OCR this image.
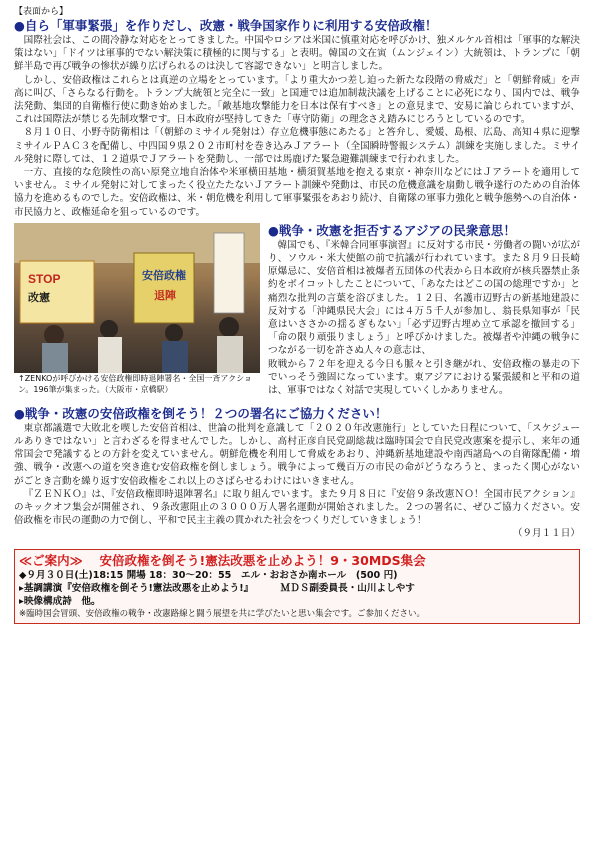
【表面から】
●自ら「軍事緊張」を作りだし、改憲・戦争国家作りに利用する安倍政権！

国際社会は、この間冷静な対応をとってきました。中国やロシアは米国に慎重対応を呼びかけ、独メルケル首相は「軍事的な解決策はない」「ドイツは軍事的でない解決策に積極的に関与する」と表明。韓国の文在寅（ムンジェイン）大統領は、トランプに「朝鮮半島で再び戦争の惨状が繰り広げられるのは決して容認できない」と明言しました。

しかし、安倍政権はこれらとは真逆の立場をとっています。「より重大かつ差し迫った新たな段階の脅威だ」と「朝鮮脅威」を声高に叫び、「さらなる行動を。トランプ大統領と完全に一致」と国連では追加制裁決議を上げることに必死になり、国内では、戦争法発動、集団的自衛権行使に動き始めました。「敵基地攻撃能力を日本は保有すべき」との意見まで、安易に論じられていますが、これは国際法が禁じる先制攻撃です。日本政府が堅持してきた「専守防衛」の理念さえ踏みにじろうとしているのです。

８月１０日、小野寺防衛相は「（朝鮮のミサイル発射は）存立危機事態にあたる」と答弁し、愛媛、島根、広島、高知４県に迎撃ミサイルＰＡＣ３を配備し、中四国９県２０２市町村を巻き込みＪアラート（全国瞬時警報システム）訓練を実施しました。ミサイル発射に際しては、１２道県でＪアラートを発動し、一部では馬鹿げた緊急避難訓練まで行われました。

一方、直接的な危険性の高い原発立地自治体や米軍横田基地・横須賀基地を抱える東京・神奈川などにはＪアラートを適用していません。ミサイル発射に対してまったく役立たたないＪアラート訓練や発動は、市民の危機意識を扇動し戦争遂行のための自治体協力を進めるものでした。安倍政権は、米・朝危機を利用して軍事緊張をあおり続け、自衛隊の軍事力強化と戦争態勢への自治体・市民協力と、政権延命を狙っているのです。

STOP
改憲
安倍政権
退陣
↑ZENKOが呼びかける安倍政権即時退陣署名・全国一斉アクション。196筆が集まった。（大阪市・京橋駅）
●戦争・改憲を拒否するアジアの民衆意思！

韓国でも、『米韓合同軍事演習』に反対する市民・労働者の闘いが広がり、ソウル・米大使館の前で抗議が行われています。また８月９日長崎原爆忌に、安倍首相は被爆者五団体の代表から日本政府が核兵器禁止条約をボイコットしたことについて、「あなたはどこの国の総理ですか」と痛烈な批判の言葉を浴びました。１２日、名護市辺野古の新基地建設に反対する「沖縄県民大会」には４万５千人が参加し、翁長県知事が「民意はいささかの揺るぎもない」「必ず辺野古埋め立て承認を撤回する」「命の限り頑張りましょう」と呼びかけました。被爆者や沖縄の戦争につながる一切を許さぬ人々の意志は、

敗戦から７２年を迎える今日も脈々と引き継がれ、安倍政権の暴走の下でいっそう強固になっています。東アジアにおける緊張緩和と平和の道は、軍事ではなく対話で実現していくしかありません。

●戦争・改憲の安倍政権を倒そう！２つの署名にご協力ください！

東京都議選で大敗北を喫した安倍首相は、世論の批判を意識して「２０２０年改憲施行」としていた日程について、「スケジュールありきではない」と言わざるを得ませんでした。しかし、高村正彦自民党副総裁は臨時国会で自民党改憲案を提示し、来年の通常国会で発議するとの方針を変えていません。朝鮮危機を利用して脅威をあおり、沖縄新基地建設や南西諸島への自衛隊配備・増強、戦争・改憲への道を突き進む安倍政権を倒しましょう。戦争によって幾百万の市民の命がどうなろうと、まったく関心がないがごとき言動を繰り返す安倍政権をこれ以上のさばらせるわけにはいきません。

『ＺＥＮＫＯ』は、『安倍政権即時退陣署名』に取り組んでいます。また９月８日に『安倍９条改憲ＮＯ！全国市民アクション』のキックオフ集会が開催され、９条改憲阻止の３０００万人署名運動が開始されました。２つの署名に、ぜひご協力ください。安倍政権を市民の運動の力で倒し、平和で民主主義の貫かれた社会をつくりだしていきましょう！

（９月１１日）
≪ご案内≫　 安倍政権を倒そう!憲法改悪を止めよう！9・30MDS集会
◆９月３０日(土)18:15 開場 18：30～20：55　エル・おおさか南ホール　(500 円)
▸基調講演『安倍政権を倒そう!憲法改悪を止めよう!』　　　 ＭＤＳ副委員長・山川よしやす
▸映像構成詩　他。
※臨時国会冒頭、安倍政権の戦争・改憲路線と闘う展望を共に学びたいと思い集会です。ご参加ください。
